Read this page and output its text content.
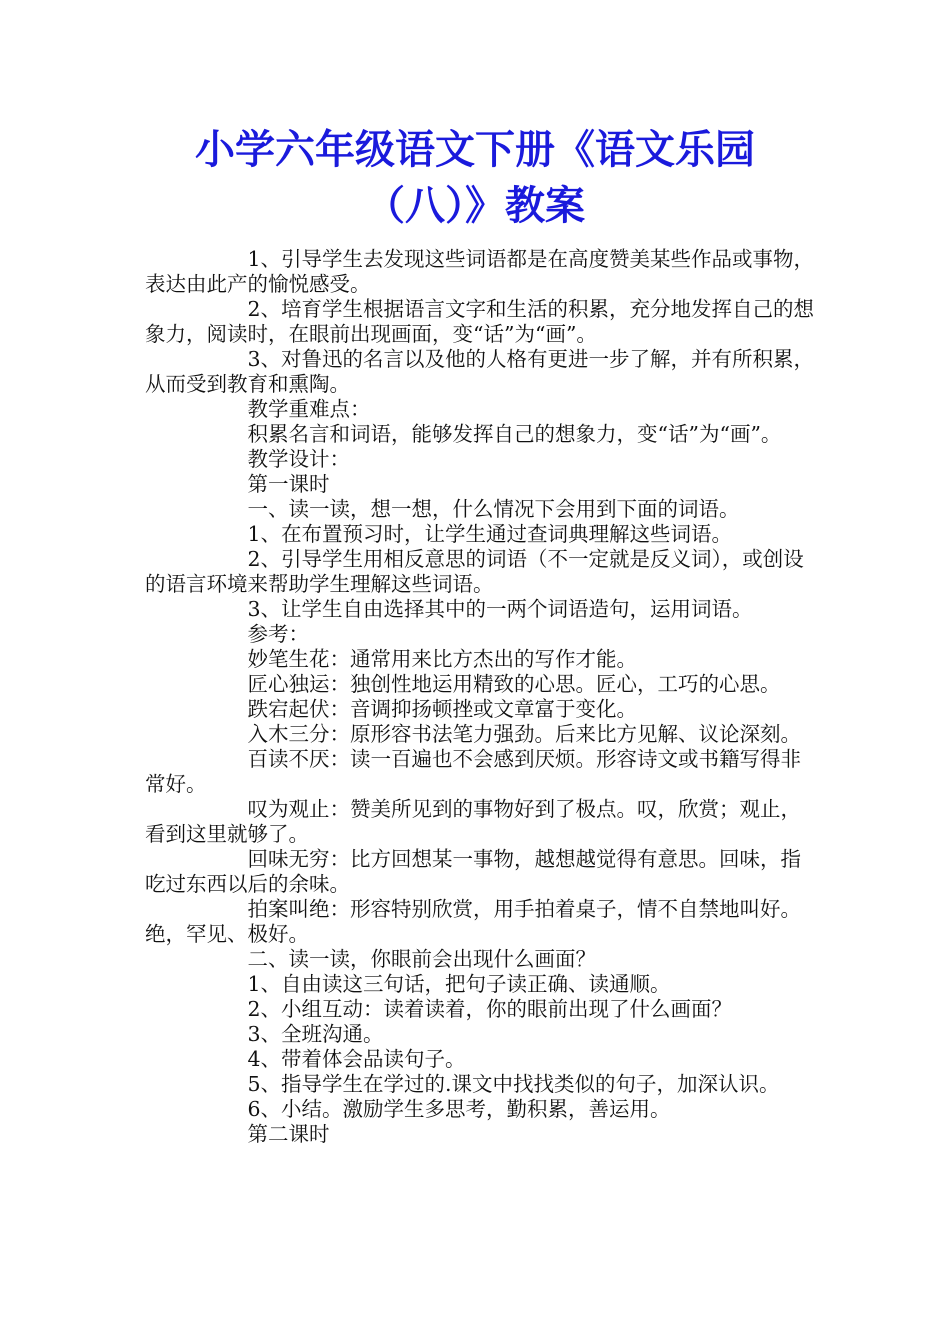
小学六年级语文下册《语文乐园
（八）》教案

1、引导学生去发现这些词语都是在高度赞美某些作品或事物，表达由此产的愉悦感受。

2、培育学生根据语言文字和生活的积累，充分地发挥自己的想象力，阅读时，在眼前出现画面，变“话”为“画”。

3、对鲁迅的名言以及他的人格有更进一步了解，并有所积累，从而受到教育和熏陶。

教学重难点：

积累名言和词语，能够发挥自己的想象力，变“话”为“画”。

教学设计：

第一课时

一、读一读，想一想，什么情况下会用到下面的词语。

1、在布置预习时，让学生通过查词典理解这些词语。

2、引导学生用相反意思的词语（不一定就是反义词），或创设的语言环境来帮助学生理解这些词语。

3、让学生自由选择其中的一两个词语造句，运用词语。

参考：

妙笔生花：通常用来比方杰出的写作才能。

匠心独运：独创性地运用精致的心思。匠心，工巧的心思。

跌宕起伏：音调抑扬顿挫或文章富于变化。

入木三分：原形容书法笔力强劲。后来比方见解、议论深刻。

百读不厌：读一百遍也不会感到厌烦。形容诗文或书籍写得非常好。

叹为观止：赞美所见到的事物好到了极点。叹，欣赏；观止，看到这里就够了。

回味无穷：比方回想某一事物，越想越觉得有意思。回味，指吃过东西以后的余味。

拍案叫绝：形容特别欣赏，用手拍着桌子，情不自禁地叫好。绝，罕见、极好。

二、读一读，你眼前会出现什么画面？

1、自由读这三句话，把句子读正确、读通顺。

2、小组互动：读着读着，你的眼前出现了什么画面？

3、全班沟通。

4、带着体会品读句子。

5、指导学生在学过的.课文中找找类似的句子，加深认识。

6、小结。激励学生多思考，勤积累，善运用。

第二课时
